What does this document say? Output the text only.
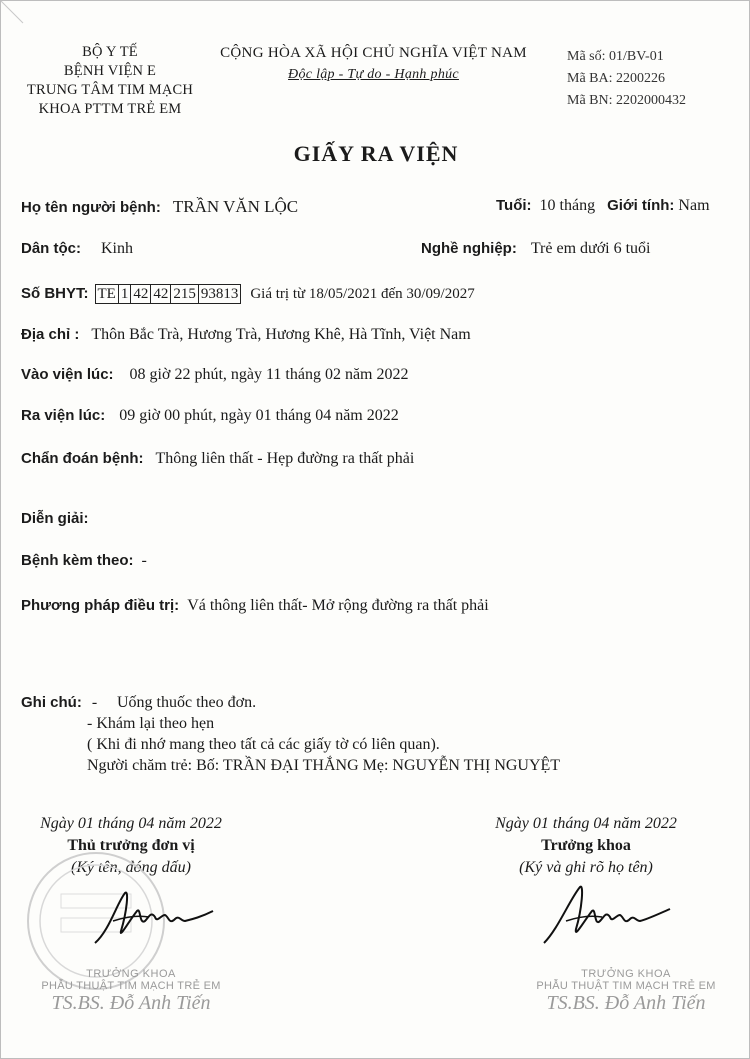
BỘ Y TẾ
BỆNH VIỆN E
TRUNG TÂM TIM MẠCH
KHOA PTTM TRẺ EM
CỘNG HÒA XÃ HỘI CHỦ NGHĨA VIỆT NAM
Độc lập - Tự do - Hạnh phúc
Mã số: 01/BV-01
Mã BA: 2200226
Mã BN: 2202000432
GIẤY RA VIỆN
Họ tên người bệnh: TRẦN VĂN LỘC	Tuổi: 10 tháng Giới tính: Nam
Dân tộc: Kinh	Nghề nghiệp: Trẻ em dưới 6 tuổi
Số BHYT: TE 1 42 42 215 93813 Giá trị từ 18/05/2021 đến 30/09/2027
Địa chỉ : Thôn Bắc Trà, Hương Trà, Hương Khê, Hà Tĩnh, Việt Nam
Vào viện lúc: 08 giờ 22 phút, ngày 11 tháng 02 năm 2022
Ra viện lúc: 09 giờ 00 phút, ngày 01 tháng 04 năm 2022
Chẩn đoán bệnh: Thông liên thất - Hẹp đường ra thất phải
Diễn giải:
Bệnh kèm theo: -
Phương pháp điều trị: Vá thông liên thất- Mở rộng đường ra thất phải
Ghi chú: - Uống thuốc theo đơn.
- Khám lại theo hẹn
( Khi đi nhớ mang theo tất cả các giấy tờ có liên quan).
Người chăm trẻ: Bố: TRẦN ĐẠI THẮNG Mẹ: NGUYỄN THỊ NGUYỆT
Ngày 01 tháng 04 năm 2022
Thủ trưởng đơn vị
(Ký tên, đóng dấu)
TRƯỞNG KHOA
PHẪU THUẬT TIM MẠCH TRẺ EM
TS.BS. Đỗ Anh Tiến
Ngày 01 tháng 04 năm 2022
Trưởng khoa
(Ký và ghi rõ họ tên)
TRƯỞNG KHOA
PHẪU THUẬT TIM MẠCH TRẺ EM
TS.BS. Đỗ Anh Tiến
